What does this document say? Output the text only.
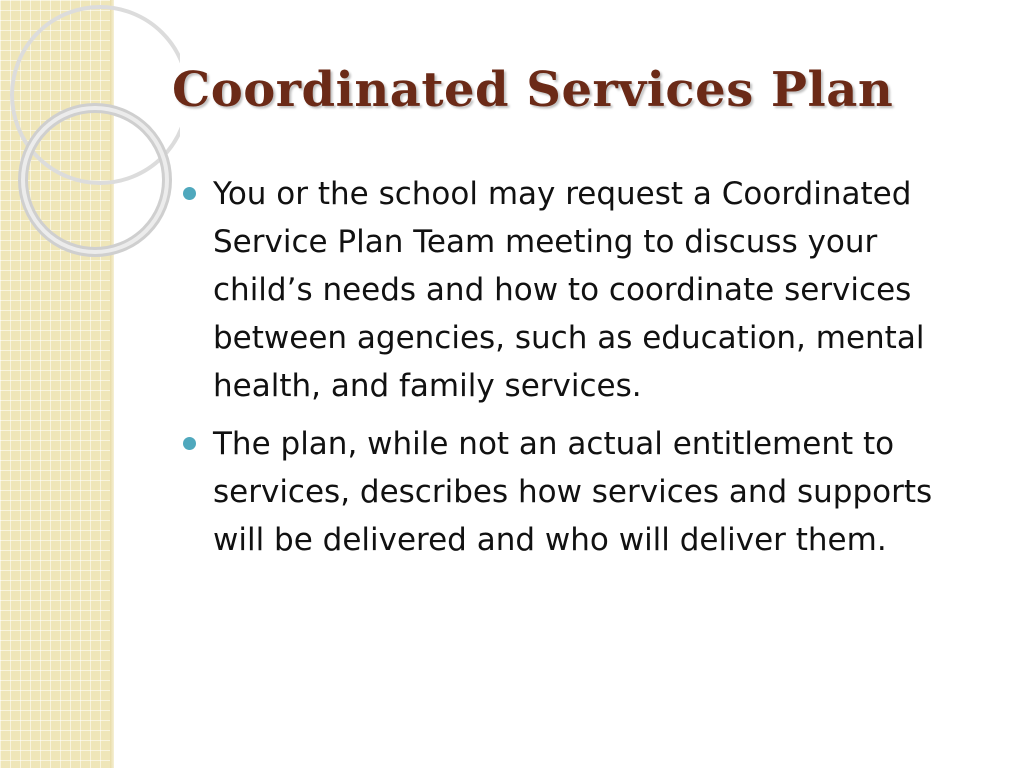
Coordinated Services Plan
You or the school may request a Coordinated Service Plan Team meeting to discuss your child’s needs and how to coordinate services between agencies, such as education, mental health, and family services.
The plan, while not an actual entitlement to services, describes how services and supports will be delivered and who will deliver them.
